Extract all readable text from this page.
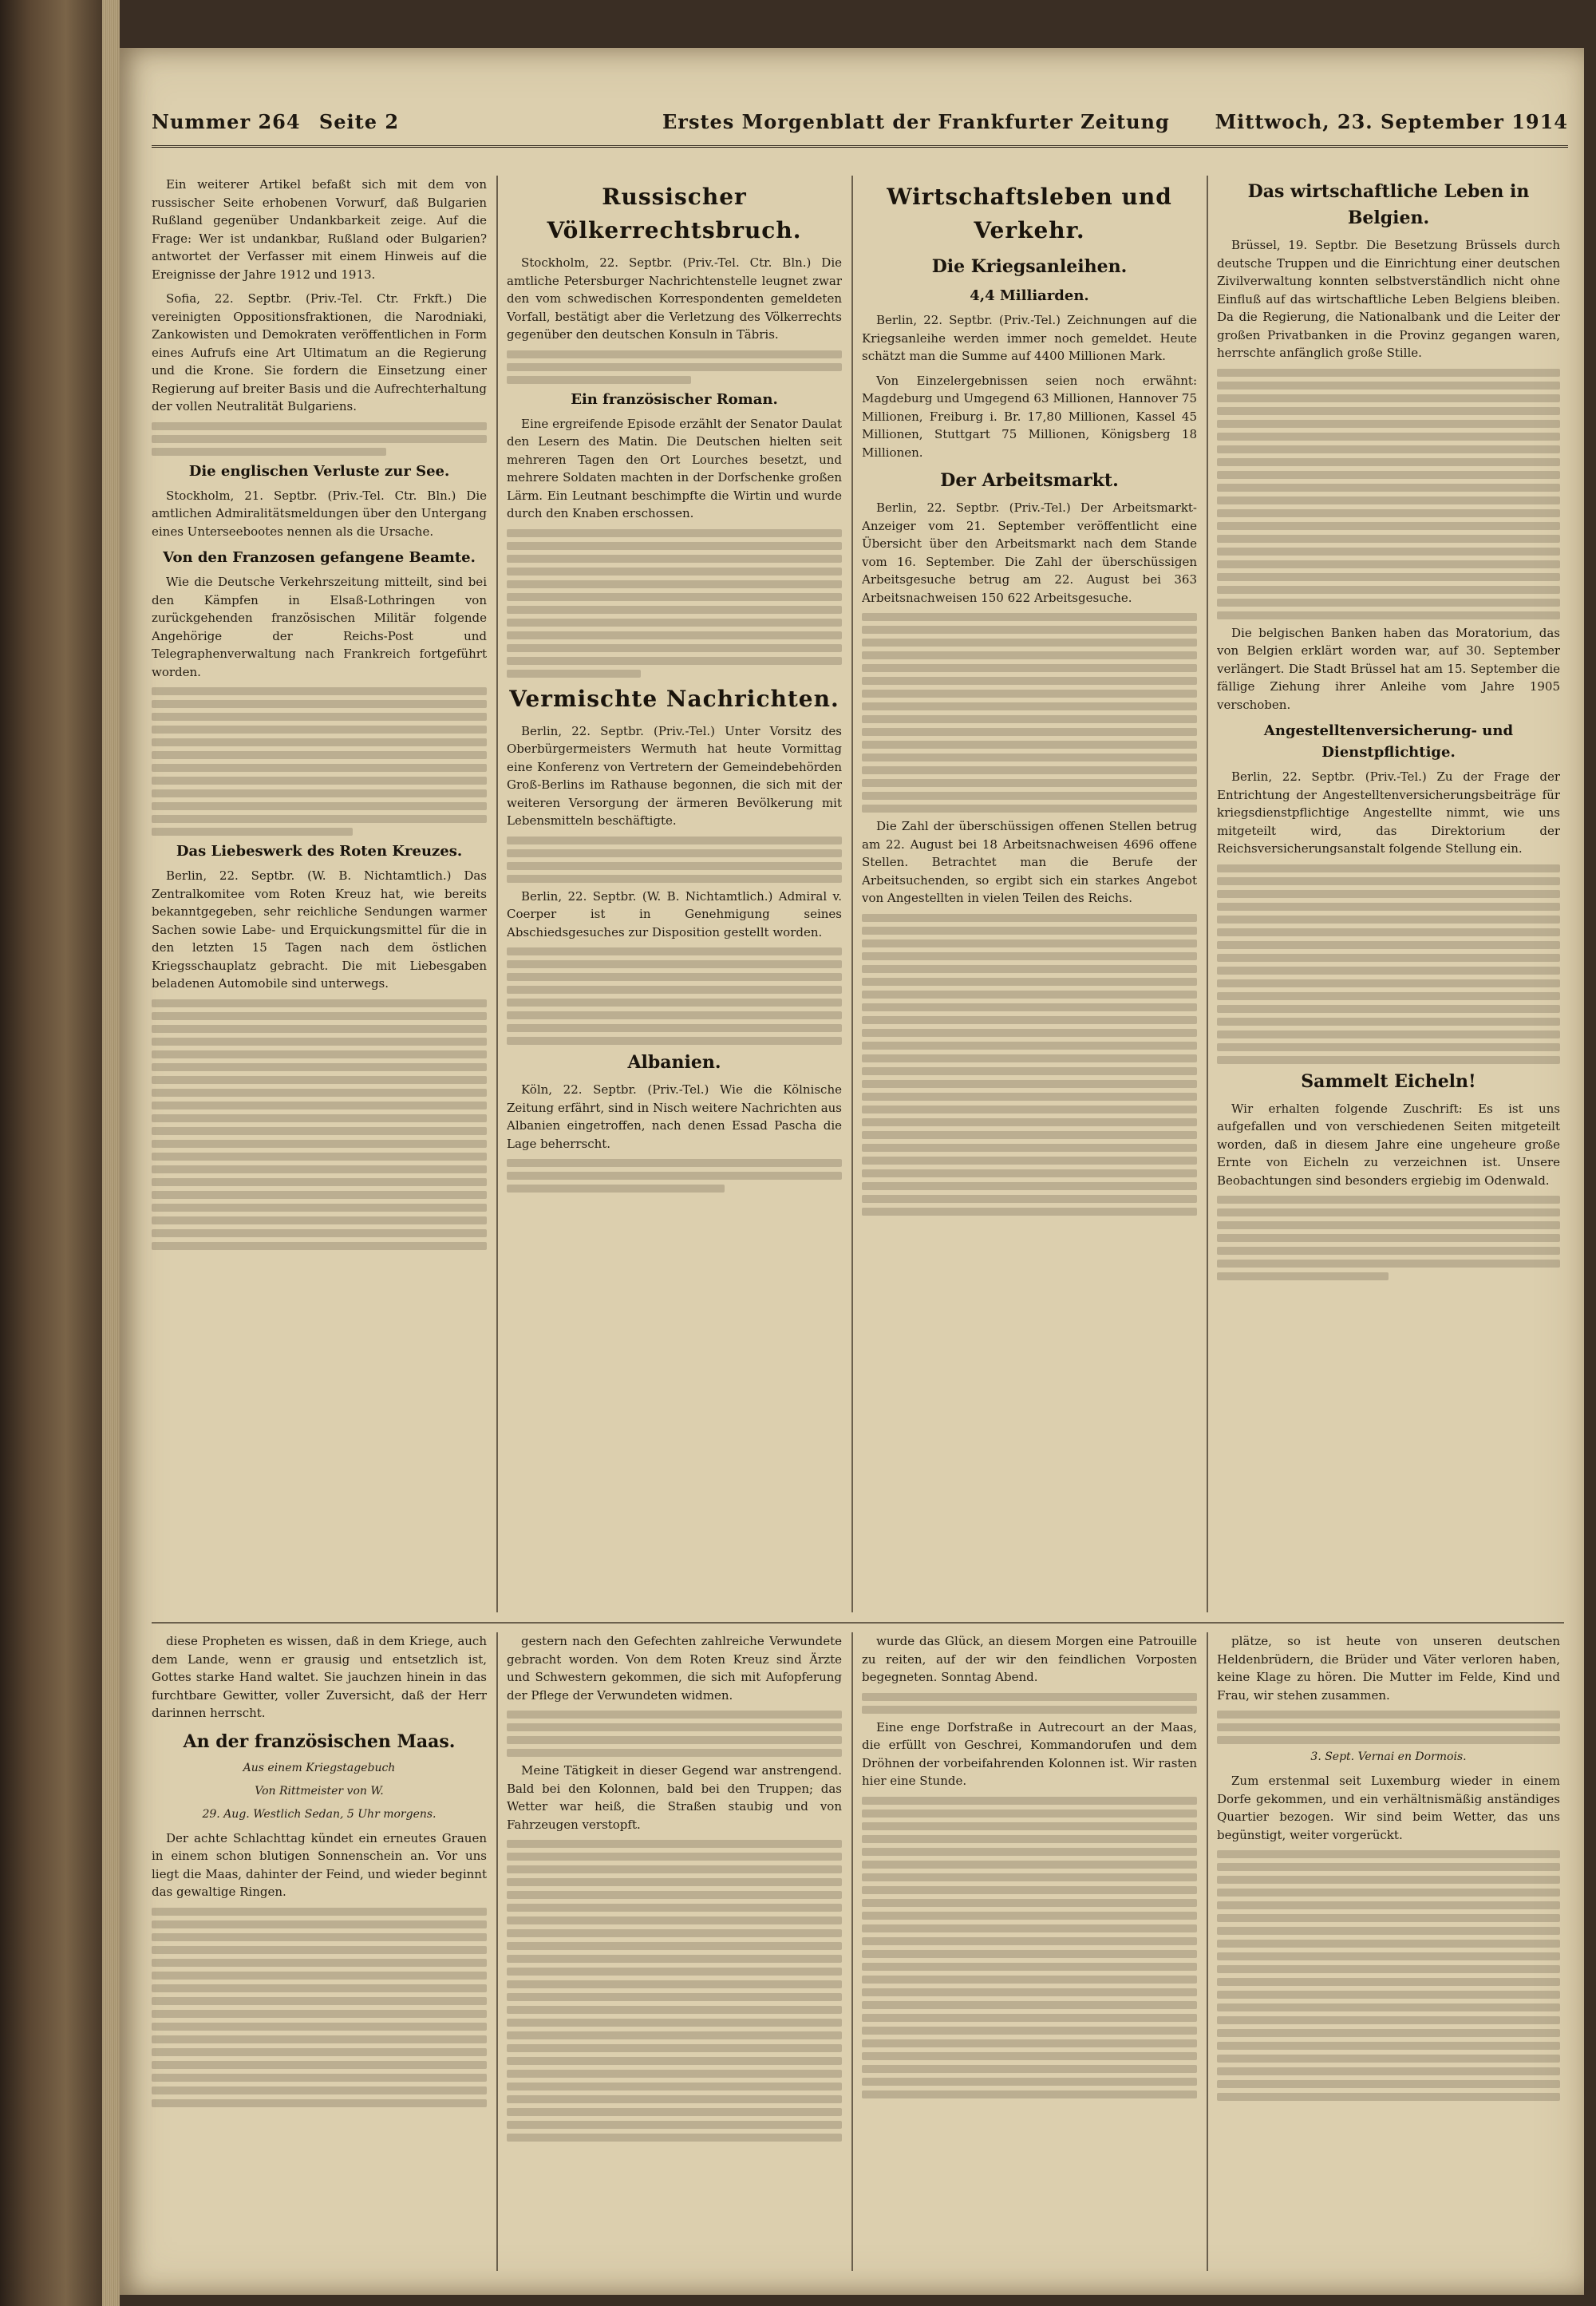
Nummer 264 Seite 2	Erstes Morgenblatt der Frankfurter Zeitung Mittwoch, 23. September 1914

Ein weiterer Artikel befaßt sich mit dem von russischer Seite erhobenen Vorwurf, daß Bulgarien Rußland gegenüber Undankbarkeit zeige. Auf die Frage: Wer ist undankbar, Rußland oder Bulgarien? antwortet der Verfasser mit einem Hinweis auf die Ereignisse der Jahre 1912 und 1913.

Sofia, 22. Septbr. (Priv.-Tel. Ctr. Frkft.) Die vereinigten Oppositionsfraktionen, die Narodniaki, Zankowisten und Demokraten veröffentlichen in Form eines Aufrufs eine Art Ultimatum an die Regierung und die Krone. Sie fordern die Einsetzung einer Regierung auf breiter Basis und die Aufrechterhaltung der vollen Neutralität Bulgariens.

Die englischen Verluste zur See.

Stockholm, 21. Septbr. (Priv.-Tel. Ctr. Bln.) Die amtlichen Admiralitätsmeldungen über den Untergang eines Unterseebootes nennen als die Ursache.

Von den Franzosen gefangene Beamte.

Wie die Deutsche Verkehrszeitung mitteilt, sind bei den Kämpfen in Elsaß-Lothringen von zurückgehenden französischen Militär folgende Angehörige der Reichs-Post und Telegraphenverwaltung nach Frankreich fortgeführt worden.

Das Liebeswerk des Roten Kreuzes.

Berlin, 22. Septbr. (W. B. Nichtamtlich.) Das Zentralkomitee vom Roten Kreuz hat, wie bereits bekanntgegeben, sehr reichliche Sendungen warmer Sachen sowie Labe- und Erquickungsmittel für die in den letzten 15 Tagen nach dem östlichen Kriegsschauplatz gebracht. Die mit Liebesgaben beladenen Automobile sind unterwegs.

Russischer Völkerrechtsbruch.

Stockholm, 22. Septbr. (Priv.-Tel. Ctr. Bln.) Die amtliche Petersburger Nachrichtenstelle leugnet zwar den vom schwedischen Korrespondenten gemeldeten Vorfall, bestätigt aber die Verletzung des Völkerrechts gegenüber den deutschen Konsuln in Täbris.

Ein französischer Roman.

Eine ergreifende Episode erzählt der Senator Daulat den Lesern des Matin. Die Deutschen hielten seit mehreren Tagen den Ort Lourches besetzt, und mehrere Soldaten machten in der Dorfschenke großen Lärm. Ein Leutnant beschimpfte die Wirtin und wurde durch den Knaben erschossen.

Vermischte Nachrichten.

Berlin, 22. Septbr. (Priv.-Tel.) Unter Vorsitz des Oberbürgermeisters Wermuth hat heute Vormittag eine Konferenz von Vertretern der Gemeindebehörden Groß-Berlins im Rathause begonnen, die sich mit der weiteren Versorgung der ärmeren Bevölkerung mit Lebensmitteln beschäftigte.

Berlin, 22. Septbr. (W. B. Nichtamtlich.) Admiral v. Coerper ist in Genehmigung seines Abschiedsgesuches zur Disposition gestellt worden.

Albanien.

Köln, 22. Septbr. (Priv.-Tel.) Wie die Kölnische Zeitung erfährt, sind in Nisch weitere Nachrichten aus Albanien eingetroffen, nach denen Essad Pascha die Lage beherrscht.

Wirtschaftsleben und Verkehr.
Die Kriegsanleihen.
4,4 Milliarden.

Berlin, 22. Septbr. (Priv.-Tel.) Zeichnungen auf die Kriegsanleihe werden immer noch gemeldet. Heute schätzt man die Summe auf 4400 Millionen Mark.

Von Einzelergebnissen seien noch erwähnt: Magdeburg und Umgegend 63 Millionen, Hannover 75 Millionen, Freiburg i. Br. 17,80 Millionen, Kassel 45 Millionen, Stuttgart 75 Millionen, Königsberg 18 Millionen.

Der Arbeitsmarkt.

Berlin, 22. Septbr. (Priv.-Tel.) Der Arbeitsmarkt-Anzeiger vom 21. September veröffentlicht eine Übersicht über den Arbeitsmarkt nach dem Stande vom 16. September. Die Zahl der überschüssigen Arbeitsgesuche betrug am 22. August bei 363 Arbeitsnachweisen 150 622 Arbeitsgesuche.

Die Zahl der überschüssigen offenen Stellen betrug am 22. August bei 18 Arbeitsnachweisen 4696 offene Stellen. Betrachtet man die Berufe der Arbeitsuchenden, so ergibt sich ein starkes Angebot von Angestellten in vielen Teilen des Reichs.

Das wirtschaftliche Leben in Belgien.

Brüssel, 19. Septbr. Die Besetzung Brüssels durch deutsche Truppen und die Einrichtung einer deutschen Zivilverwaltung konnten selbstverständlich nicht ohne Einfluß auf das wirtschaftliche Leben Belgiens bleiben. Da die Regierung, die Nationalbank und die Leiter der großen Privatbanken in die Provinz gegangen waren, herrschte anfänglich große Stille.

Die belgischen Banken haben das Moratorium, das von Belgien erklärt worden war, auf 30. September verlängert. Die Stadt Brüssel hat am 15. September die fällige Ziehung ihrer Anleihe vom Jahre 1905 verschoben.

Angestelltenversicherung- und Dienstpflichtige.

Berlin, 22. Septbr. (Priv.-Tel.) Zu der Frage der Entrichtung der Angestelltenversicherungsbeiträge für kriegsdienstpflichtige Angestellte nimmt, wie uns mitgeteilt wird, das Direktorium der Reichsversicherungsanstalt folgende Stellung ein.

Sammelt Eicheln!

Wir erhalten folgende Zuschrift: Es ist uns aufgefallen und von verschiedenen Seiten mitgeteilt worden, daß in diesem Jahre eine ungeheure große Ernte von Eicheln zu verzeichnen ist. Unsere Beobachtungen sind besonders ergiebig im Odenwald.

diese Propheten es wissen, daß in dem Kriege, auch dem Lande, wenn er grausig und entsetzlich ist, Gottes starke Hand waltet. Sie jauchzen hinein in das furchtbare Gewitter, voller Zuversicht, daß der Herr darinnen herrscht.

An der französischen Maas.
Aus einem Kriegstagebuch
Von Rittmeister von W.
29. Aug. Westlich Sedan, 5 Uhr morgens.

Der achte Schlachttag kündet ein erneutes Grauen in einem schon blutigen Sonnenschein an. Vor uns liegt die Maas, dahinter der Feind, und wieder beginnt das gewaltige Ringen.

gestern nach den Gefechten zahlreiche Verwundete gebracht worden. Von dem Roten Kreuz sind Ärzte und Schwestern gekommen, die sich mit Aufopferung der Pflege der Verwundeten widmen.

Meine Tätigkeit in dieser Gegend war anstrengend. Bald bei den Kolonnen, bald bei den Truppen; das Wetter war heiß, die Straßen staubig und von Fahrzeugen verstopft.

wurde das Glück, an diesem Morgen eine Patrouille zu reiten, auf der wir den feindlichen Vorposten begegneten. Sonntag Abend.

Eine enge Dorfstraße in Autrecourt an der Maas, die erfüllt von Geschrei, Kommandorufen und dem Dröhnen der vorbeifahrenden Kolonnen ist. Wir rasten hier eine Stunde.

plätze, so ist heute von unseren deutschen Heldenbrüdern, die Brüder und Väter verloren haben, keine Klage zu hören. Die Mutter im Felde, Kind und Frau, wir stehen zusammen.

3. Sept. Vernai en Dormois.

Zum erstenmal seit Luxemburg wieder in einem Dorfe gekommen, und ein verhältnismäßig anständiges Quartier bezogen. Wir sind beim Wetter, das uns begünstigt, weiter vorgerückt.
